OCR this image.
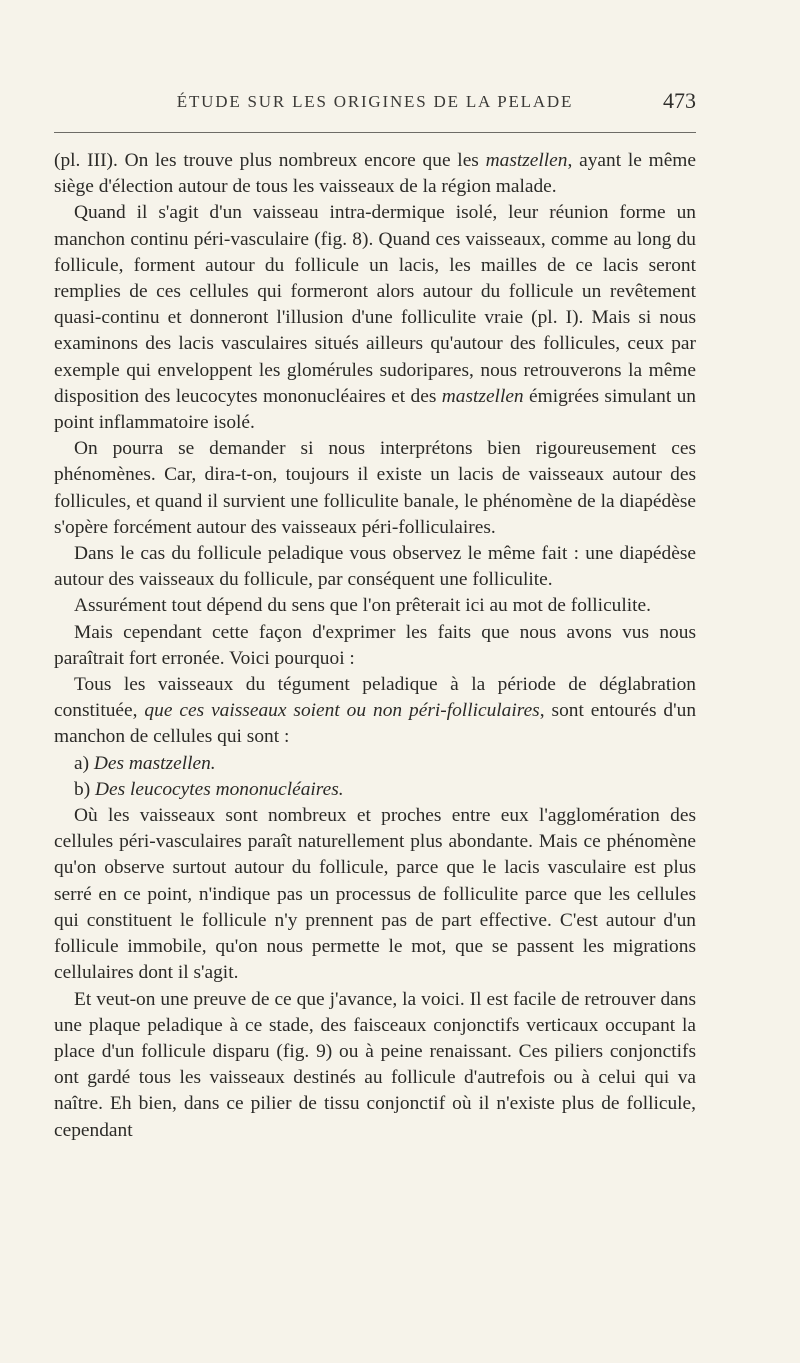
ÉTUDE SUR LES ORIGINES DE LA PELADE	473

(pl. III). On les trouve plus nombreux encore que les mastzellen, ayant le même siège d'élection autour de tous les vaisseaux de la région malade.

Quand il s'agit d'un vaisseau intra-dermique isolé, leur réunion forme un manchon continu péri-vasculaire (fig. 8). Quand ces vaisseaux, comme au long du follicule, forment autour du follicule un lacis, les mailles de ce lacis seront remplies de ces cellules qui formeront alors autour du follicule un revêtement quasi-continu et donneront l'illusion d'une folliculite vraie (pl. I). Mais si nous examinons des lacis vasculaires situés ailleurs qu'autour des follicules, ceux par exemple qui enveloppent les glomérules sudoripares, nous retrouverons la même disposition des leucocytes mononucléaires et des mastzellen émigrées simulant un point inflammatoire isolé.

On pourra se demander si nous interprétons bien rigoureusement ces phénomènes. Car, dira-t-on, toujours il existe un lacis de vaisseaux autour des follicules, et quand il survient une folliculite banale, le phénomène de la diapédèse s'opère forcément autour des vaisseaux péri-folliculaires.

Dans le cas du follicule peladique vous observez le même fait : une diapédèse autour des vaisseaux du follicule, par conséquent une folliculite.

Assurément tout dépend du sens que l'on prêterait ici au mot de folliculite.

Mais cependant cette façon d'exprimer les faits que nous avons vus nous paraîtrait fort erronée. Voici pourquoi :

Tous les vaisseaux du tégument peladique à la période de déglabration constituée, que ces vaisseaux soient ou non péri-folliculaires, sont entourés d'un manchon de cellules qui sont :

a) Des mastzellen.

b) Des leucocytes mononucléaires.

Où les vaisseaux sont nombreux et proches entre eux l'agglomération des cellules péri-vasculaires paraît naturellement plus abondante. Mais ce phénomène qu'on observe surtout autour du follicule, parce que le lacis vasculaire est plus serré en ce point, n'indique pas un processus de folliculite parce que les cellules qui constituent le follicule n'y prennent pas de part effective. C'est autour d'un follicule immobile, qu'on nous permette le mot, que se passent les migrations cellulaires dont il s'agit.

Et veut-on une preuve de ce que j'avance, la voici. Il est facile de retrouver dans une plaque peladique à ce stade, des faisceaux conjonctifs verticaux occupant la place d'un follicule disparu (fig. 9) ou à peine renaissant. Ces piliers conjonctifs ont gardé tous les vaisseaux destinés au follicule d'autrefois ou à celui qui va naître. Eh bien, dans ce pilier de tissu conjonctif où il n'existe plus de follicule, cependant
